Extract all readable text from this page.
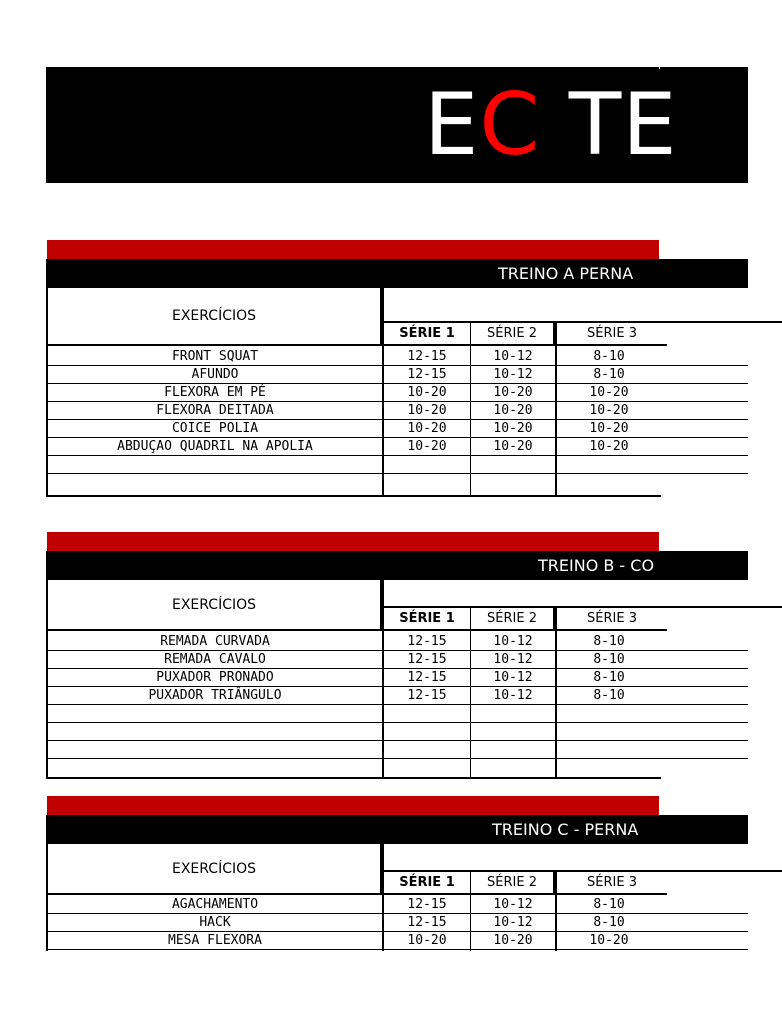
EC TE
TREINO A PERNA
EXERCÍCIOS
SÉRIE 1	SÉRIE 2	SÉRIE 3
FRONT SQUAT	12-15	10-12	8-10
AFUNDO	12-15	10-12	8-10
FLEXORA EM PÉ	10-20	10-20	10-20
FLEXORA DEITADA	10-20	10-20	10-20
COICE POLIA	10-20	10-20	10-20
ABDUÇAO QUADRIL NA APOLIA	10-20	10-20	10-20
TREINO B - CO
EXERCÍCIOS
SÉRIE 1	SÉRIE 2	SÉRIE 3
REMADA CURVADA	12-15	10-12	8-10
REMADA CAVALO	12-15	10-12	8-10
PUXADOR PRONADO	12-15	10-12	8-10
PUXADOR TRIÂNGULO	12-15	10-12	8-10
TREINO C - PERNA
EXERCÍCIOS
SÉRIE 1	SÉRIE 2	SÉRIE 3
AGACHAMENTO	12-15	10-12	8-10
HACK	12-15	10-12	8-10
MESA FLEXORA	10-20	10-20	10-20
